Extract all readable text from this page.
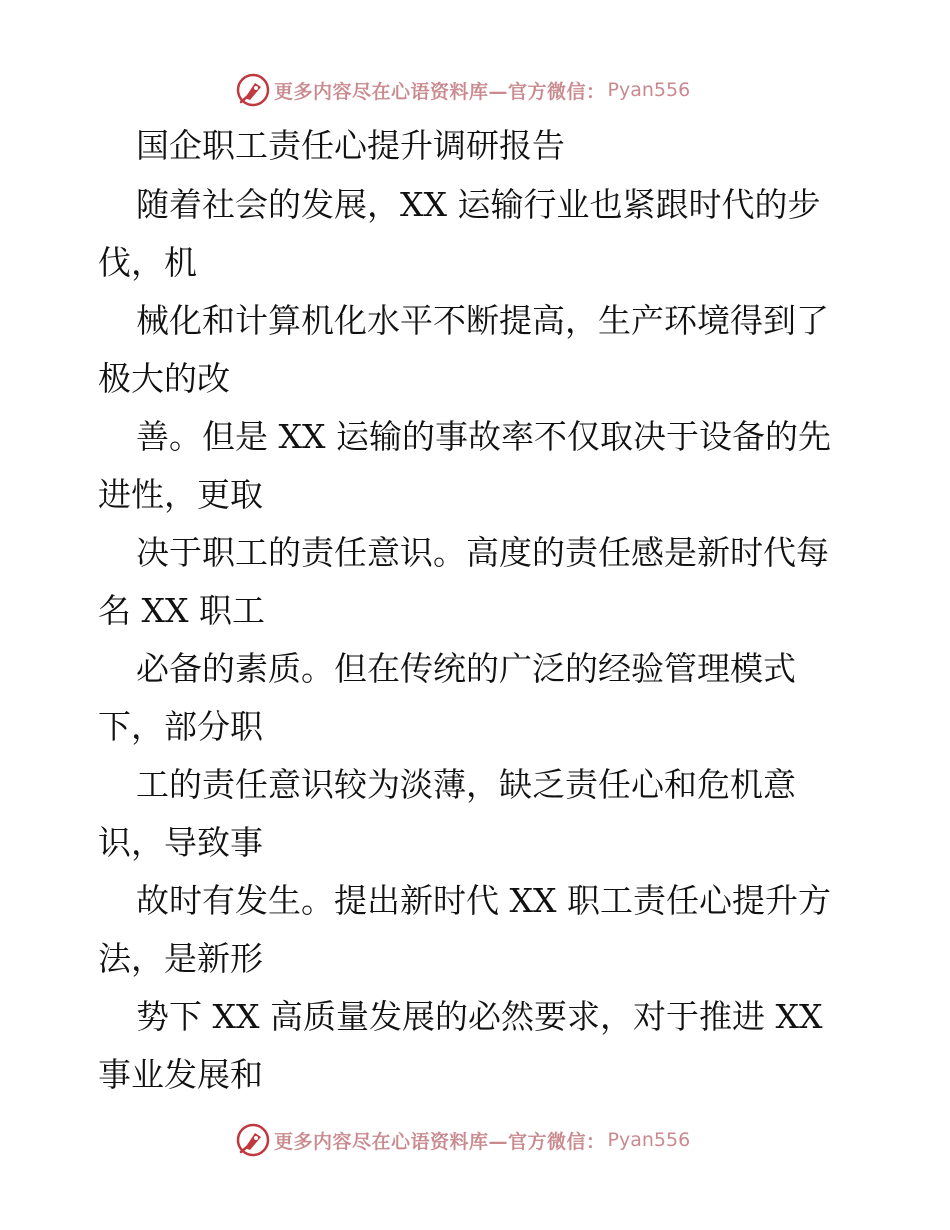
更多内容尽在心语资料库—官方微信： Pyan556

国企职工责任心提升调研报告

随着社会的发展，XX 运输行业也紧跟时代的步

伐，机

械化和计算机化水平不断提高，生产环境得到了

极大的改

善。但是 XX 运输的事故率不仅取决于设备的先

进性，更取

决于职工的责任意识。高度的责任感是新时代每

名 XX 职工

必备的素质。但在传统的广泛的经验管理模式

下，部分职

工的责任意识较为淡薄，缺乏责任心和危机意

识，导致事

故时有发生。提出新时代 XX 职工责任心提升方

法，是新形

势下 XX 高质量发展的必然要求，对于推进 XX

事业发展和

更多内容尽在心语资料库—官方微信： Pyan556
